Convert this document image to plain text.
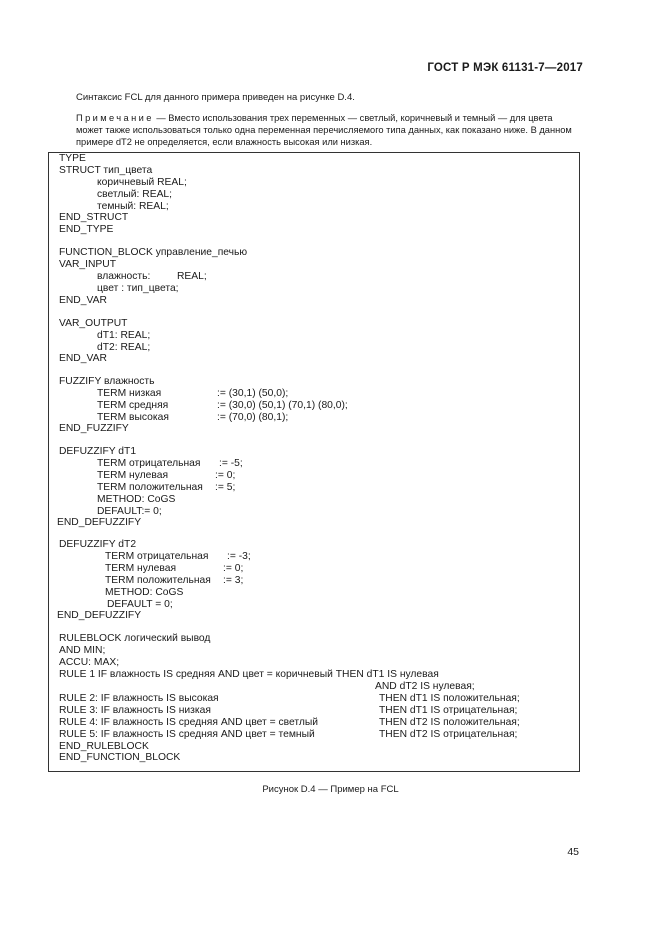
ГОСТ Р МЭК 61131-7—2017
Синтаксис FCL для данного примера приведен на рисунке D.4.
Примечание — Вместо использования трех переменных — светлый, коричневый и темный — для цвета может также использоваться только одна переменная перечисляемого типа данных, как показано ниже. В данном примере dT2 не определяется, если влажность высокая или низкая.
TYPE
STRUCT тип_цвета
коричневый REAL;
светлый: REAL;
темный: REAL;
END_STRUCT
END_TYPE
FUNCTION_BLOCK управление_печью
VAR_INPUT
влажность:	REAL;
цвет : тип_цвета;
END_VAR
VAR_OUTPUT
dT1: REAL;
dT2: REAL;
END_VAR
FUZZIFY влажность
TERM низкая	:= (30,1) (50,0);
TERM средняя	:= (30,0) (50,1) (70,1) (80,0);
TERM высокая	:= (70,0) (80,1);
END_FUZZIFY
DEFUZZIFY dT1
TERM отрицательная := -5;
TERM нулевая	:= 0;
TERM положительная := 5;
METHOD: CoGS
DEFAULT:= 0;
END_DEFUZZIFY
DEFUZZIFY dT2
TERM отрицательная := -3;
TERM нулевая	:= 0;
TERM положительная := 3;
METHOD: CoGS
DEFAULT = 0;
END_DEFUZZIFY
RULEBLOCK логический вывод
AND MIN;
ACCU: MAX;
RULE 1 IF влажность IS средняя AND цвет = коричневый THEN dT1 IS нулевая
AND dT2 IS нулевая;
RULE 2: IF влажность IS высокая	THEN dT1 IS положительная;
RULE 3: IF влажность IS низкая	THEN dT1 IS отрицательная;
RULE 4: IF влажность IS средняя AND цвет = светлый	THEN dT2 IS положительная;
RULE 5: IF влажность IS средняя AND цвет = темный	THEN dT2 IS отрицательная;
END_RULEBLOCK
END_FUNCTION_BLOCK
Рисунок D.4 — Пример на FCL
45
